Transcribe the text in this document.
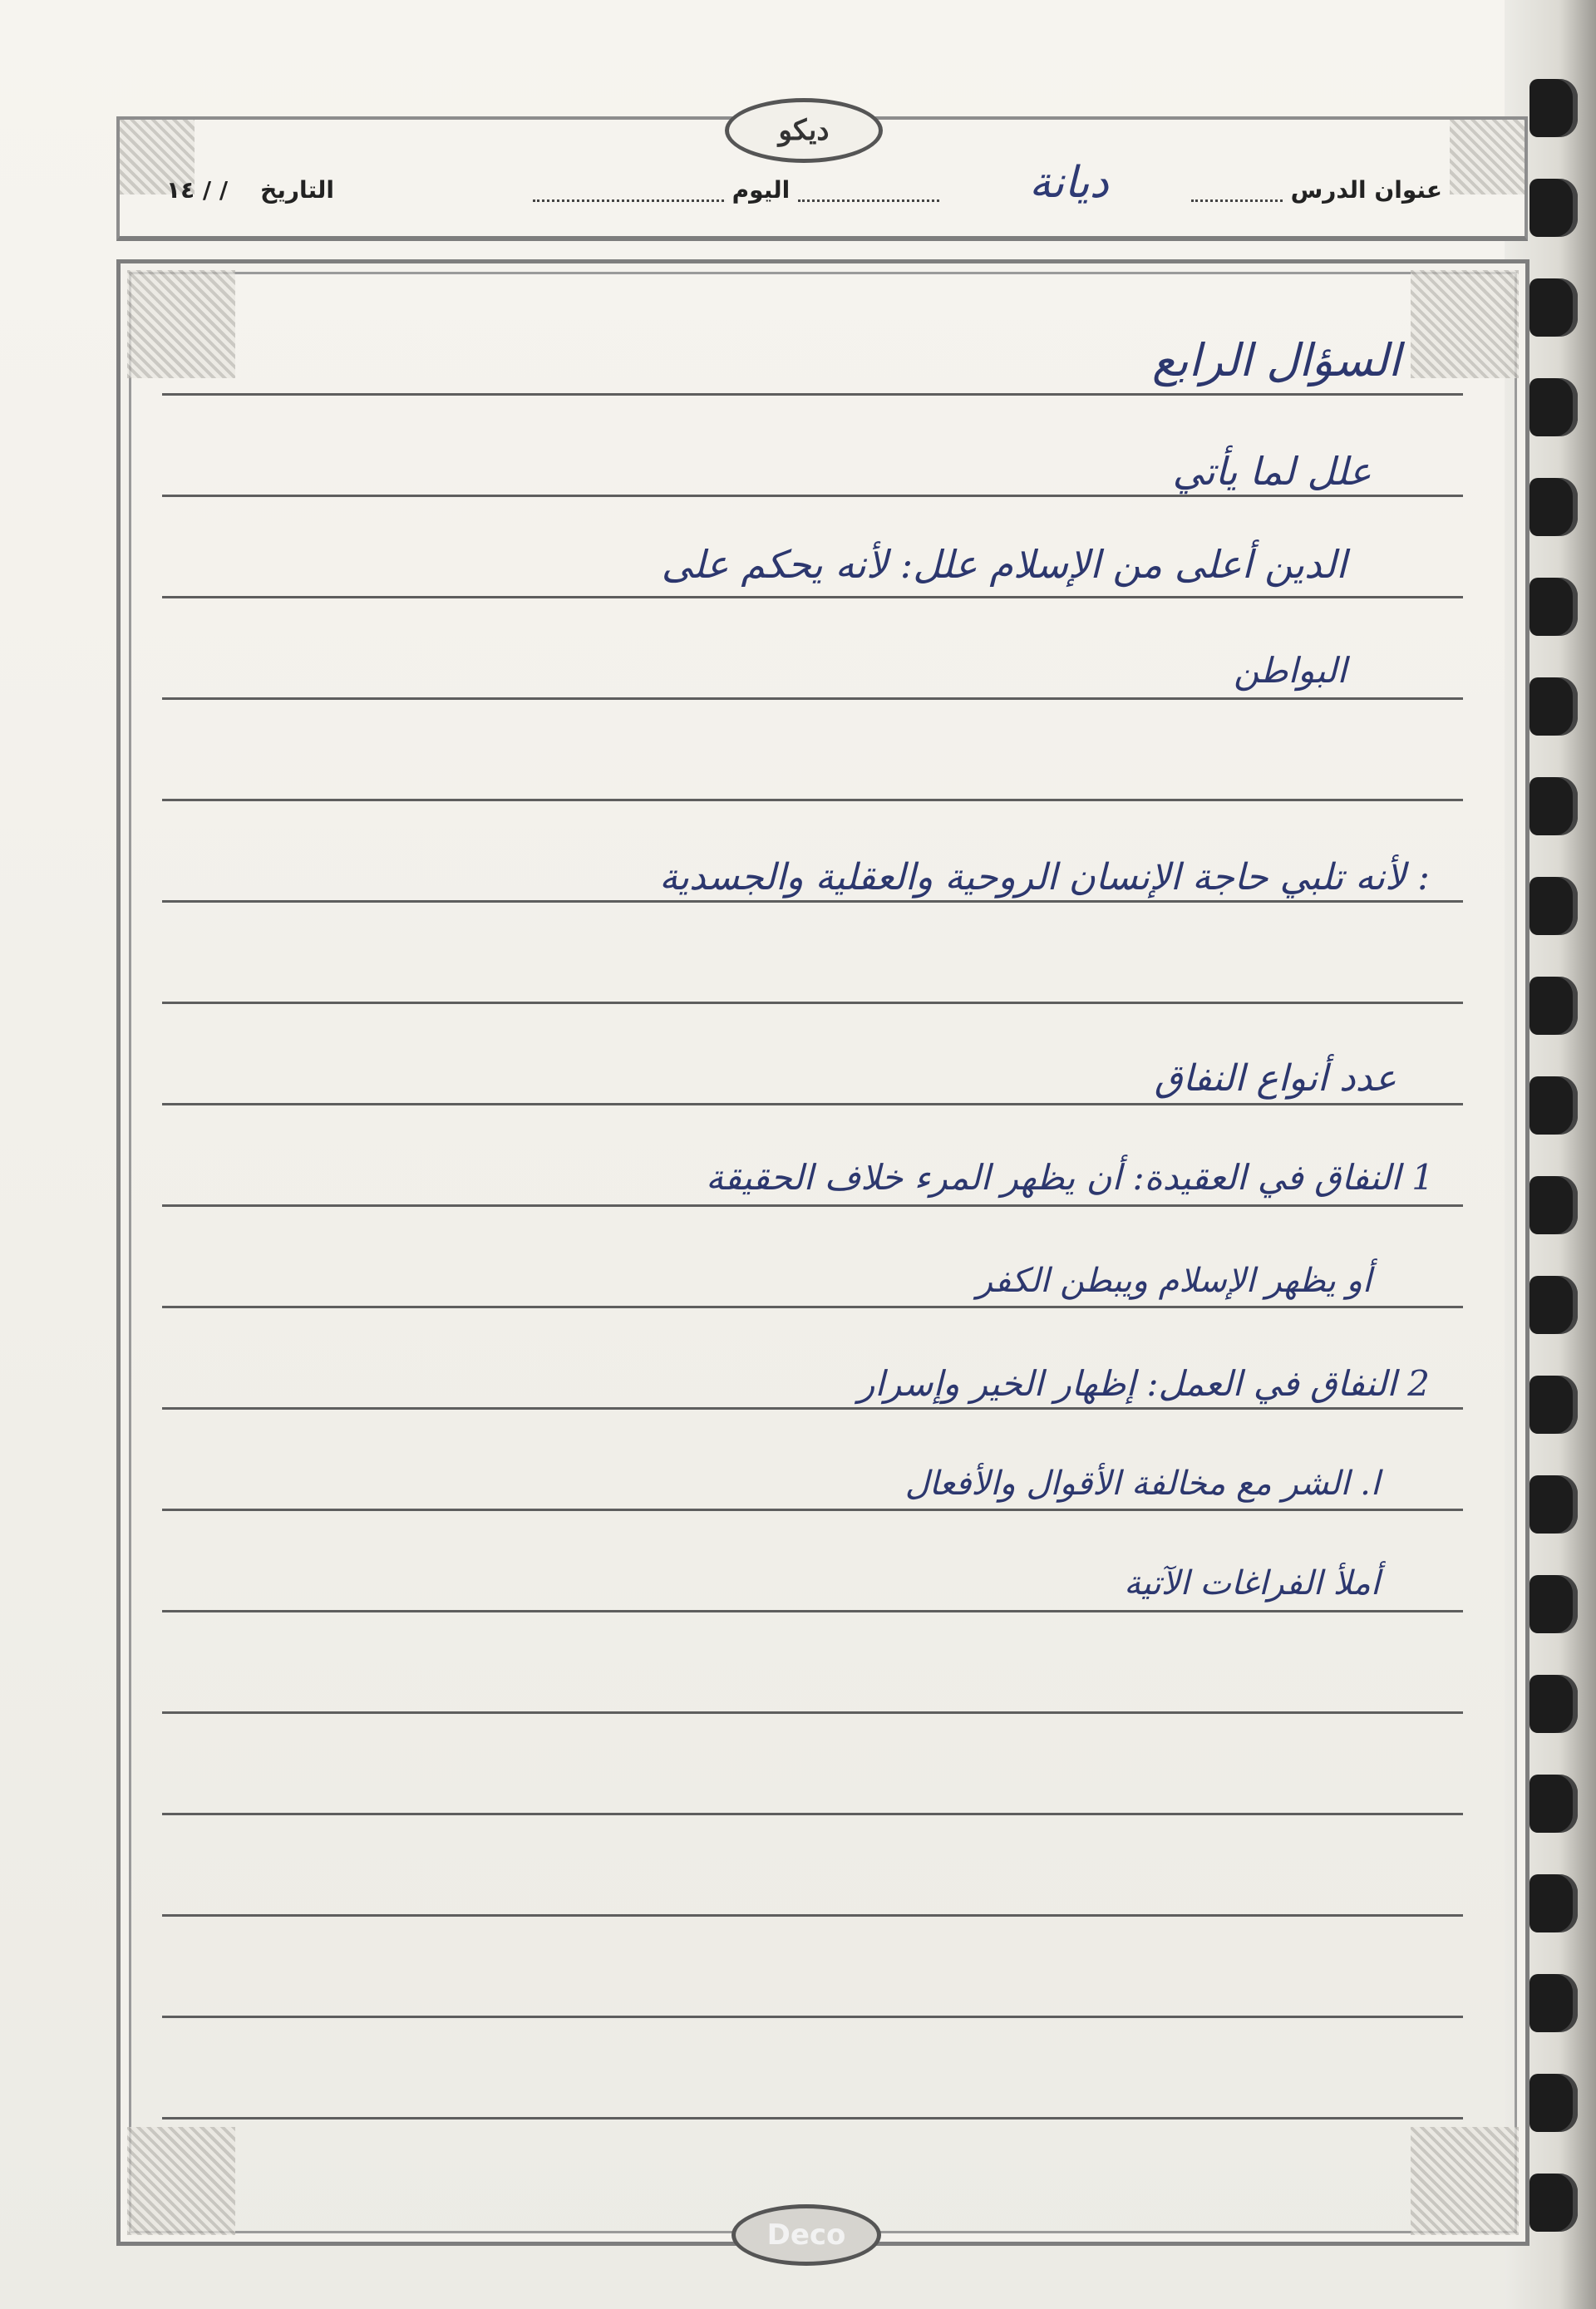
ديكو
عنوان الدرس
ديانة
اليوم
التاريخ    / / ١٤
السؤال الرابع
علل لما يأتي
الدين أعلى من الإسلام علل: لأنه يحكم على
البواطن
: لأنه تلبي حاجة الإنسان الروحية والعقلية والجسدية
عدد أنواع النفاق
1 النفاق في العقيدة: أن يظهر المرء خلاف الحقيقة
أو يظهر الإسلام ويبطن الكفر
2 النفاق في العمل: إظهار الخير وإسرار
ا. الشر مع مخالفة الأقوال والأفعال
أملأ الفراغات الآتية
Deco
